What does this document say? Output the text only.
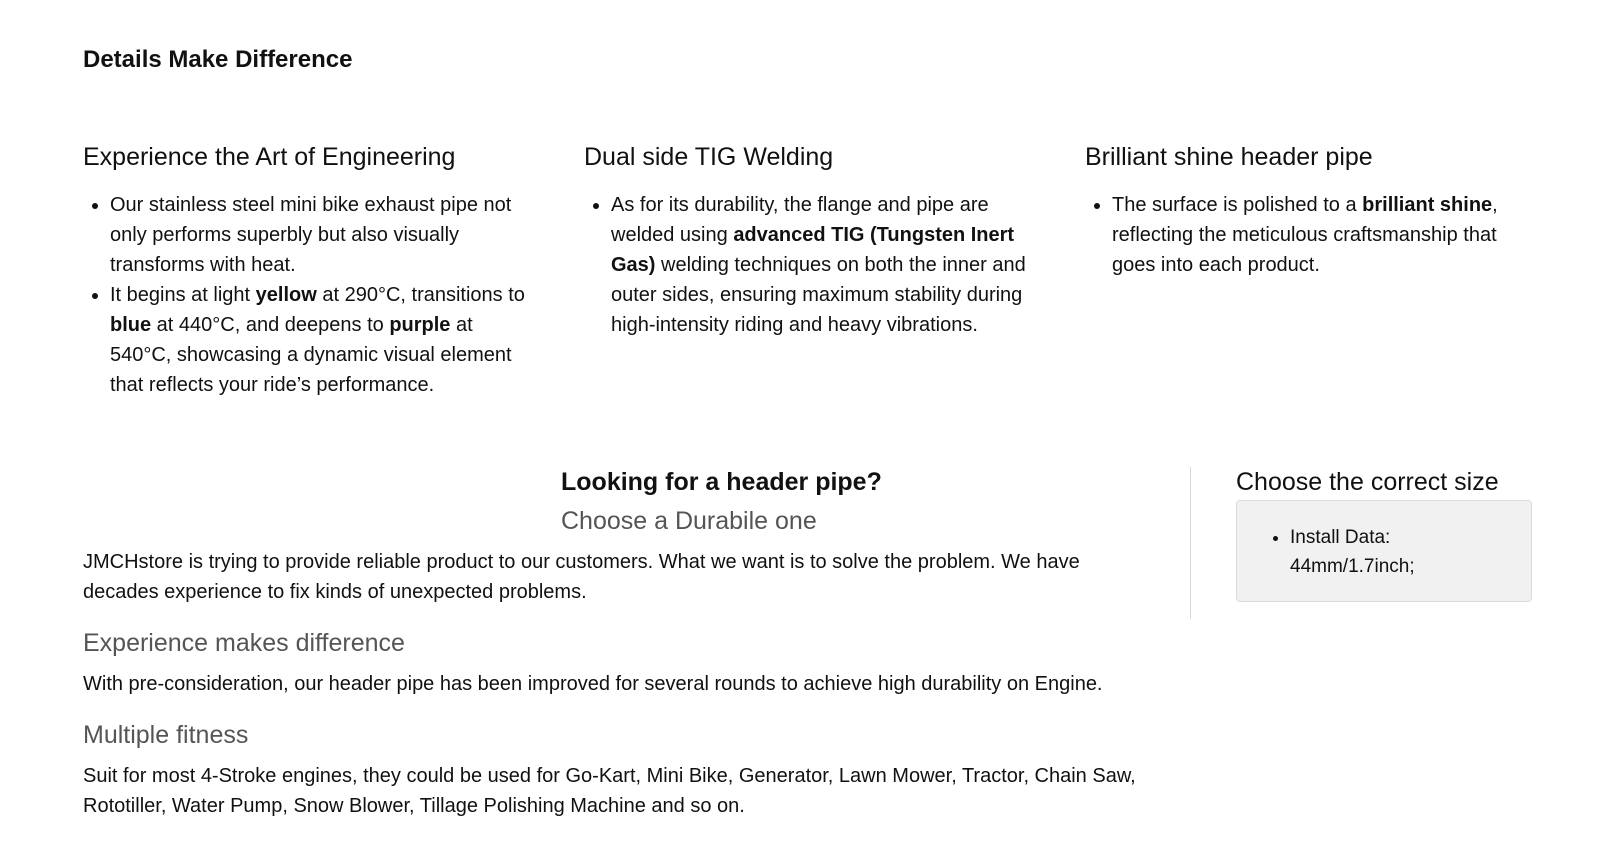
Details Make Difference
Experience the Art of Engineering
• Our stainless steel mini bike exhaust pipe not only performs superbly but also visually transforms with heat.
• It begins at light yellow at 290°C, transitions to blue at 440°C, and deepens to purple at 540°C, showcasing a dynamic visual element that reflects your ride’s performance.
Dual side TIG Welding
• As for its durability, the flange and pipe are welded using advanced TIG (Tungsten Inert Gas) welding techniques on both the inner and outer sides, ensuring maximum stability during high-intensity riding and heavy vibrations.
Brilliant shine header pipe
• The surface is polished to a brilliant shine, reflecting the meticulous craftsmanship that goes into each product.
Looking for a header pipe?
Choose a Durabile one

JMCHstore is trying to provide reliable product to our customers. What we want is to solve the problem. We have decades experience to fix kinds of unexpected problems.

Experience makes difference

With pre-consideration, our header pipe has been improved for several rounds to achieve high durability on Engine.

Multiple fitness

Suit for most 4-Stroke engines, they could be used for Go-Kart, Mini Bike, Generator, Lawn Mower, Tractor, Chain Saw, Rototiller, Water Pump, Snow Blower, Tillage Polishing Machine and so on.

Choose the correct size
• Install Data: 44mm/1.7inch;
